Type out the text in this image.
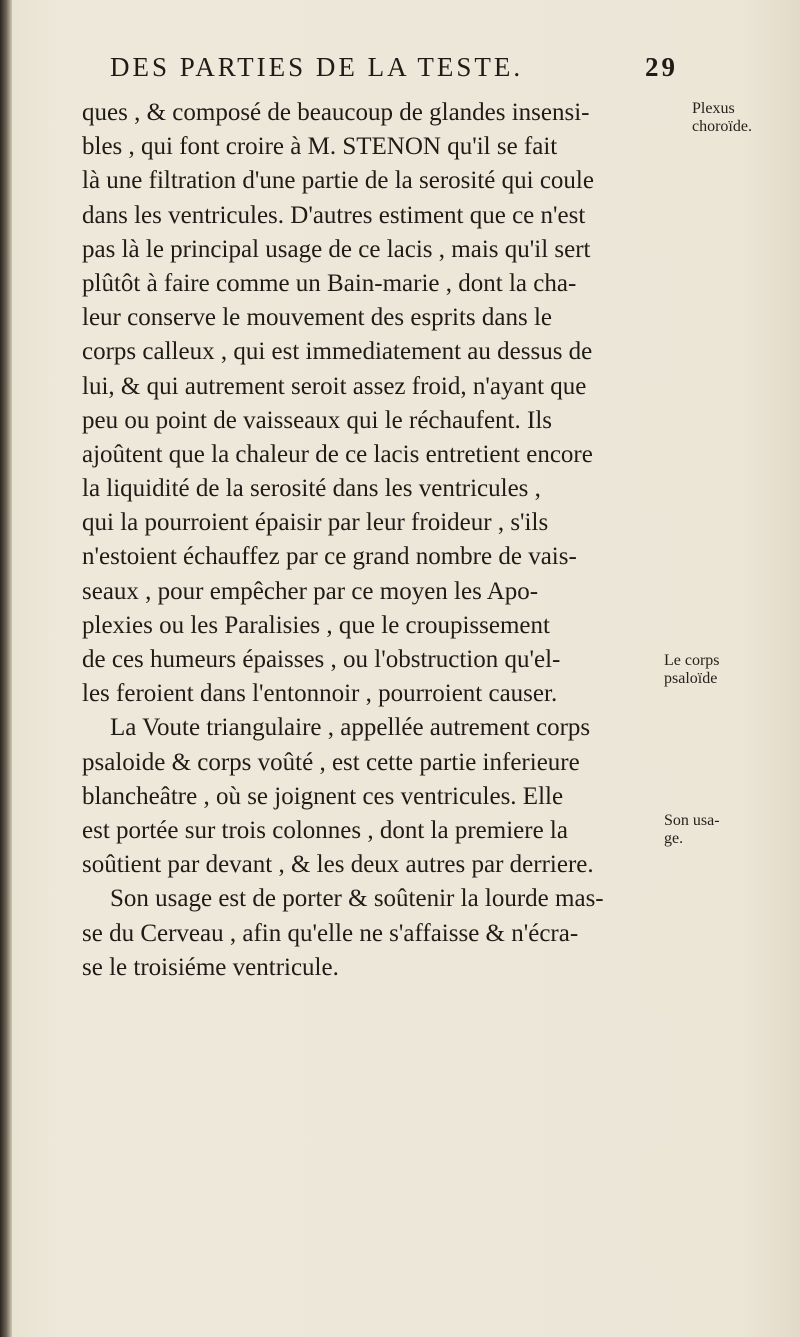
DES PARTIES DE LA TESTE.	29
ques , & composé de beaucoup de glandes insensi-
bles , qui font croire à M. STENON qu'il se fait
là une filtration d'une partie de la serosité qui coule
dans les ventricules. D'autres estiment que ce n'est
pas là le principal usage de ce lacis , mais qu'il sert
plûtôt à faire comme un Bain-marie , dont la cha-
leur conserve le mouvement des esprits dans le
corps calleux , qui est immediatement au dessus de
lui, & qui autrement seroit assez froid, n'ayant que
peu ou point de vaisseaux qui le réchaufent. Ils
ajoûtent que la chaleur de ce lacis entretient encore
la liquidité de la serosité dans les ventricules ,
qui la pourroient épaisir par leur froideur , s'ils
n'estoient échauffez par ce grand nombre de vais-
seaux , pour empêcher par ce moyen les Apo-
plexies ou les Paralisies , que le croupissement
de ces humeurs épaisses , ou l'obstruction qu'el-
les feroient dans l'entonnoir , pourroient causer.
La Voute triangulaire , appellée autrement corps
psaloide & corps voûté , est cette partie inferieure
blancheâtre , où se joignent ces ventricules. Elle
est portée sur trois colonnes , dont la premiere la
soûtient par devant , & les deux autres par derriere.
Son usage est de porter & soûtenir la lourde mas-
se du Cerveau , afin qu'elle ne s'affaisse & n'écra-
se le troisiéme ventricule.
Plexus
choroïde.
Le corps
psaloïde
Son usa-
ge.
